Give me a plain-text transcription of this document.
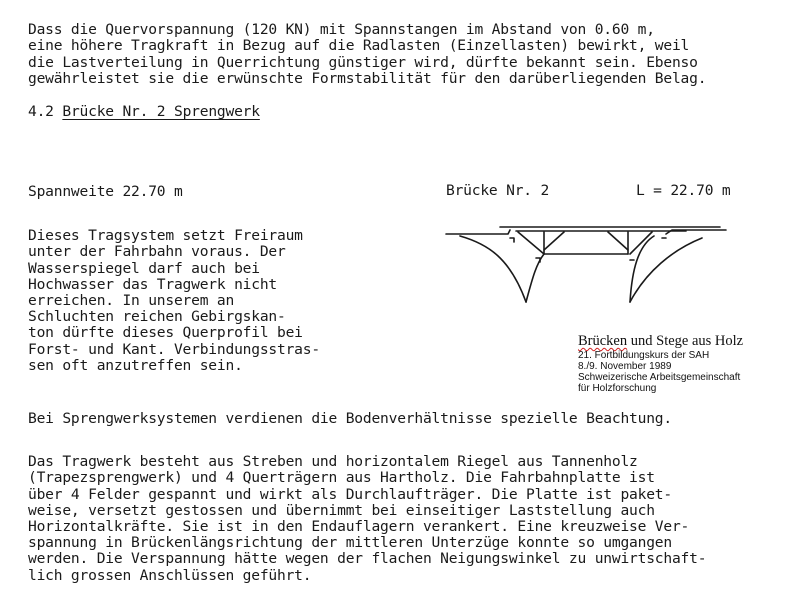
Dass die Quervorspannung (120 KN) mit Spannstangen im Abstand von 0.60 m,
eine höhere Tragkraft in Bezug auf die Radlasten (Einzellasten) bewirkt, weil
die Lastverteilung in Querrichtung günstiger wird, dürfte bekannt sein. Ebenso
gewährleistet sie die erwünschte Formstabilität für den darüberliegenden Belag.

4.2 Brücke Nr. 2 Sprengwerk
Spannweite 22.70 m

Dieses Tragsystem setzt Freiraum
unter der Fahrbahn voraus. Der
Wasserspiegel darf auch bei
Hochwasser das Tragwerk nicht
erreichen. In unserem an
Schluchten reichen Gebirgskan-
ton dürfte dieses Querprofil bei
Forst- und Kant. Verbindungsstras-
sen oft anzutreffen sein.

Brücke Nr. 2	L = 22.70 m
Brücken und Stege aus Holz
21. Fortbildungskurs der SAH
8./9. November 1989
Schweizerische Arbeitsgemeinschaft
für Holzforschung
Bei Sprengwerksystemen verdienen die Bodenverhältnisse spezielle Beachtung.

Das Tragwerk besteht aus Streben und horizontalem Riegel aus Tannenholz
(Trapezsprengwerk) und 4 Querträgern aus Hartholz. Die Fahrbahnplatte ist
über 4 Felder gespannt und wirkt als Durchlaufträger. Die Platte ist paket-
weise, versetzt gestossen und übernimmt bei einseitiger Laststellung auch
Horizontalkräfte. Sie ist in den Endauflagern verankert. Eine kreuzweise Ver-
spannung in Brückenlängsrichtung der mittleren Unterzüge konnte so umgangen
werden. Die Verspannung hätte wegen der flachen Neigungswinkel zu unwirtschaft-
lich grossen Anschlüssen geführt.
